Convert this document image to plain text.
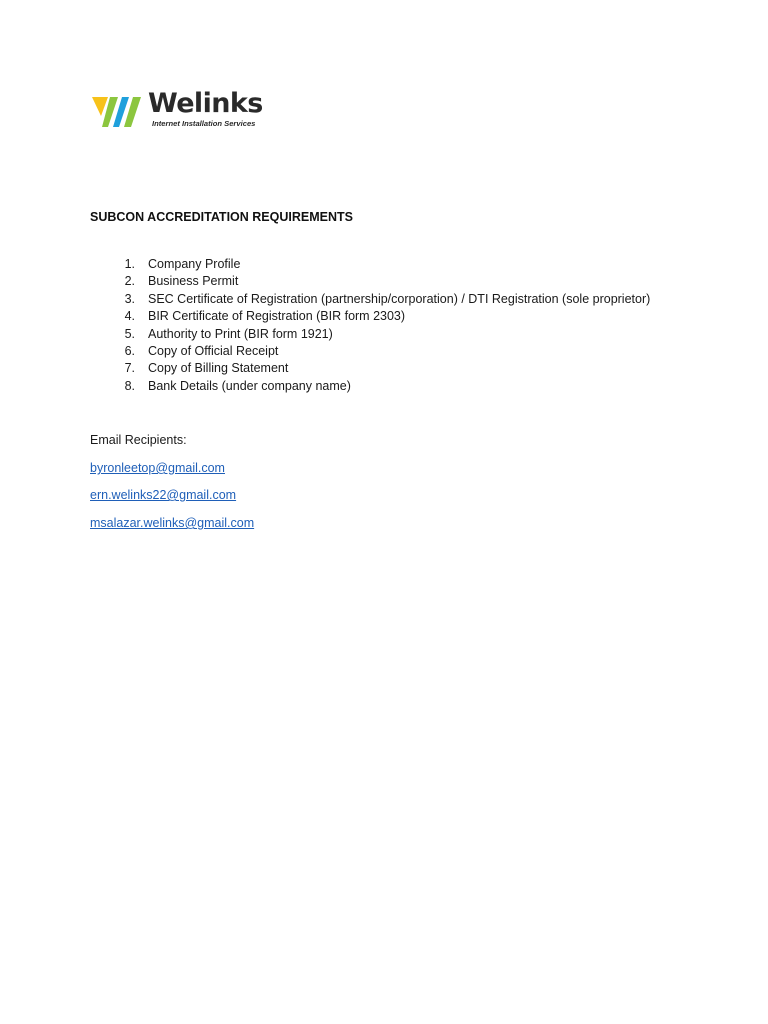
Welinks
Internet Installation Services
SUBCON ACCREDITATION REQUIREMENTS
1. Company Profile
2. Business Permit
3. SEC Certificate of Registration (partnership/corporation) / DTI Registration (sole proprietor)
4. BIR Certificate of Registration (BIR form 2303)
5. Authority to Print (BIR form 1921)
6. Copy of Official Receipt
7. Copy of Billing Statement
8. Bank Details (under company name)
Email Recipients:
byronleetop@gmail.com
ern.welinks22@gmail.com
msalazar.welinks@gmail.com
